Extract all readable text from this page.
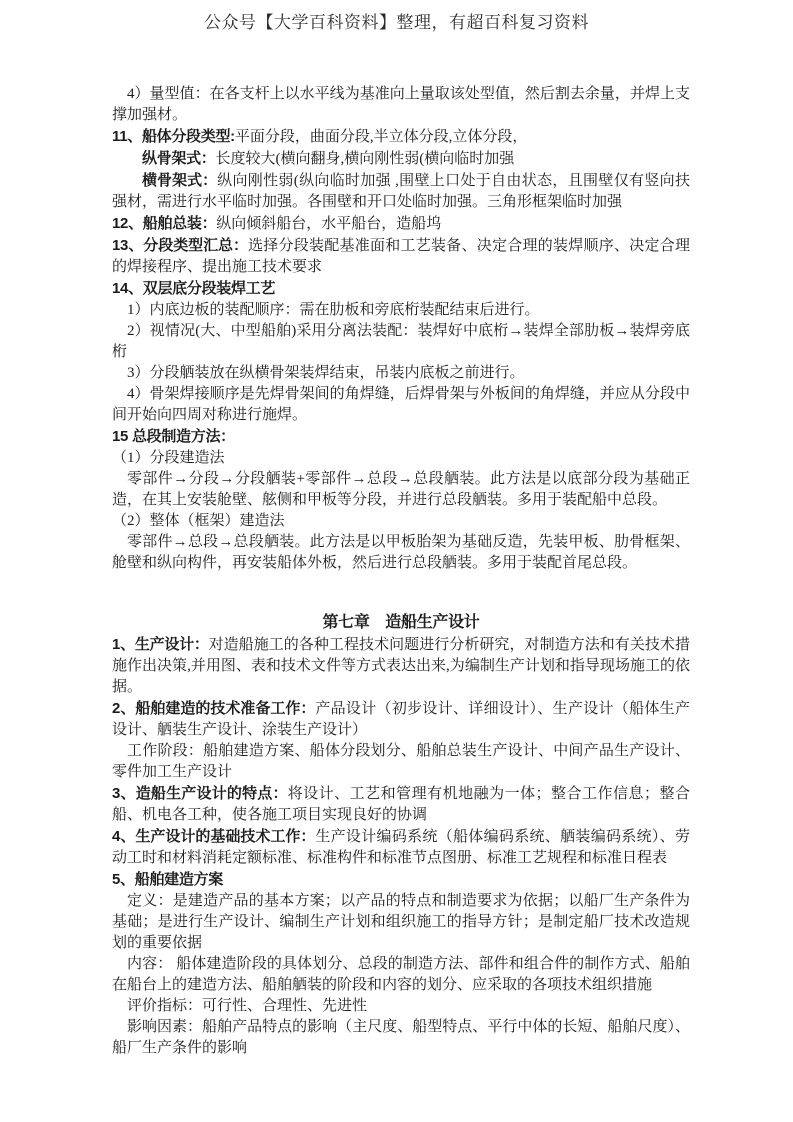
公众号【大学百科资料】整理，有超百科复习资料
4）量型值：在各支杆上以水平线为基准向上量取该处型值，然后割去余量，并焊上支撑加强材。
11、船体分段类型:平面分段，曲面分段,半立体分段,立体分段，
纵骨架式：长度较大(横向翻身,横向刚性弱(横向临时加强
横骨架式：纵向刚性弱(纵向临时加强 ,围壁上口处于自由状态，且围壁仅有竖向扶强材，需进行水平临时加强。各围壁和开口处临时加强。三角形框架临时加强
12、船舶总装：纵向倾斜船台，水平船台，造船坞
13、分段类型汇总：选择分段装配基准面和工艺装备、决定合理的装焊顺序、决定合理的焊接程序、提出施工技术要求
14、双层底分段装焊工艺
1）内底边板的装配顺序：需在肋板和旁底桁装配结束后进行。
2）视情况(大、中型船舶)采用分离法装配：装焊好中底桁→装焊全部肋板→装焊旁底桁
3）分段舾装放在纵横骨架装焊结束，吊装内底板之前进行。
4）骨架焊接顺序是先焊骨架间的角焊缝，后焊骨架与外板间的角焊缝，并应从分段中间开始向四周对称进行施焊。
15 总段制造方法：
（1）分段建造法
零部件→分段→分段舾装+零部件→总段→总段舾装。此方法是以底部分段为基础正造，在其上安装舱壁、舷侧和甲板等分段，并进行总段舾装。多用于装配船中总段。
（2）整体（框架）建造法
零部件→总段→总段舾装。此方法是以甲板胎架为基础反造，先装甲板、肋骨框架、舱壁和纵向构件，再安装船体外板，然后进行总段舾装。多用于装配首尾总段。
第七章　造船生产设计
1、生产设计：对造船施工的各种工程技术问题进行分析研究，对制造方法和有关技术措施作出决策,并用图、表和技术文件等方式表达出来,为编制生产计划和指导现场施工的依据。
2、船舶建造的技术准备工作：产品设计（初步设计、详细设计）、生产设计（船体生产设计、舾装生产设计、涂装生产设计）
工作阶段：船舶建造方案、船体分段划分、船舶总装生产设计、中间产品生产设计、零件加工生产设计
3、造船生产设计的特点：将设计、工艺和管理有机地融为一体；整合工作信息；整合船、机电各工种，使各施工项目实现良好的协调
4、生产设计的基础技术工作：生产设计编码系统（船体编码系统、舾装编码系统）、劳动工时和材料消耗定额标准、标准构件和标准节点图册、标准工艺规程和标准日程表
5、船舶建造方案
定义：是建造产品的基本方案；以产品的特点和制造要求为依据；以船厂生产条件为基础；是进行生产设计、编制生产计划和组织施工的指导方针；是制定船厂技术改造规划的重要依据
内容： 船体建造阶段的具体划分、总段的制造方法、部件和组合件的制作方式、船舶在船台上的建造方法、船舶舾装的阶段和内容的划分、应采取的各项技术组织措施
评价指标：可行性、合理性、先进性
影响因素：船舶产品特点的影响（主尺度、船型特点、平行中体的长短、船舶尺度）、船厂生产条件的影响
